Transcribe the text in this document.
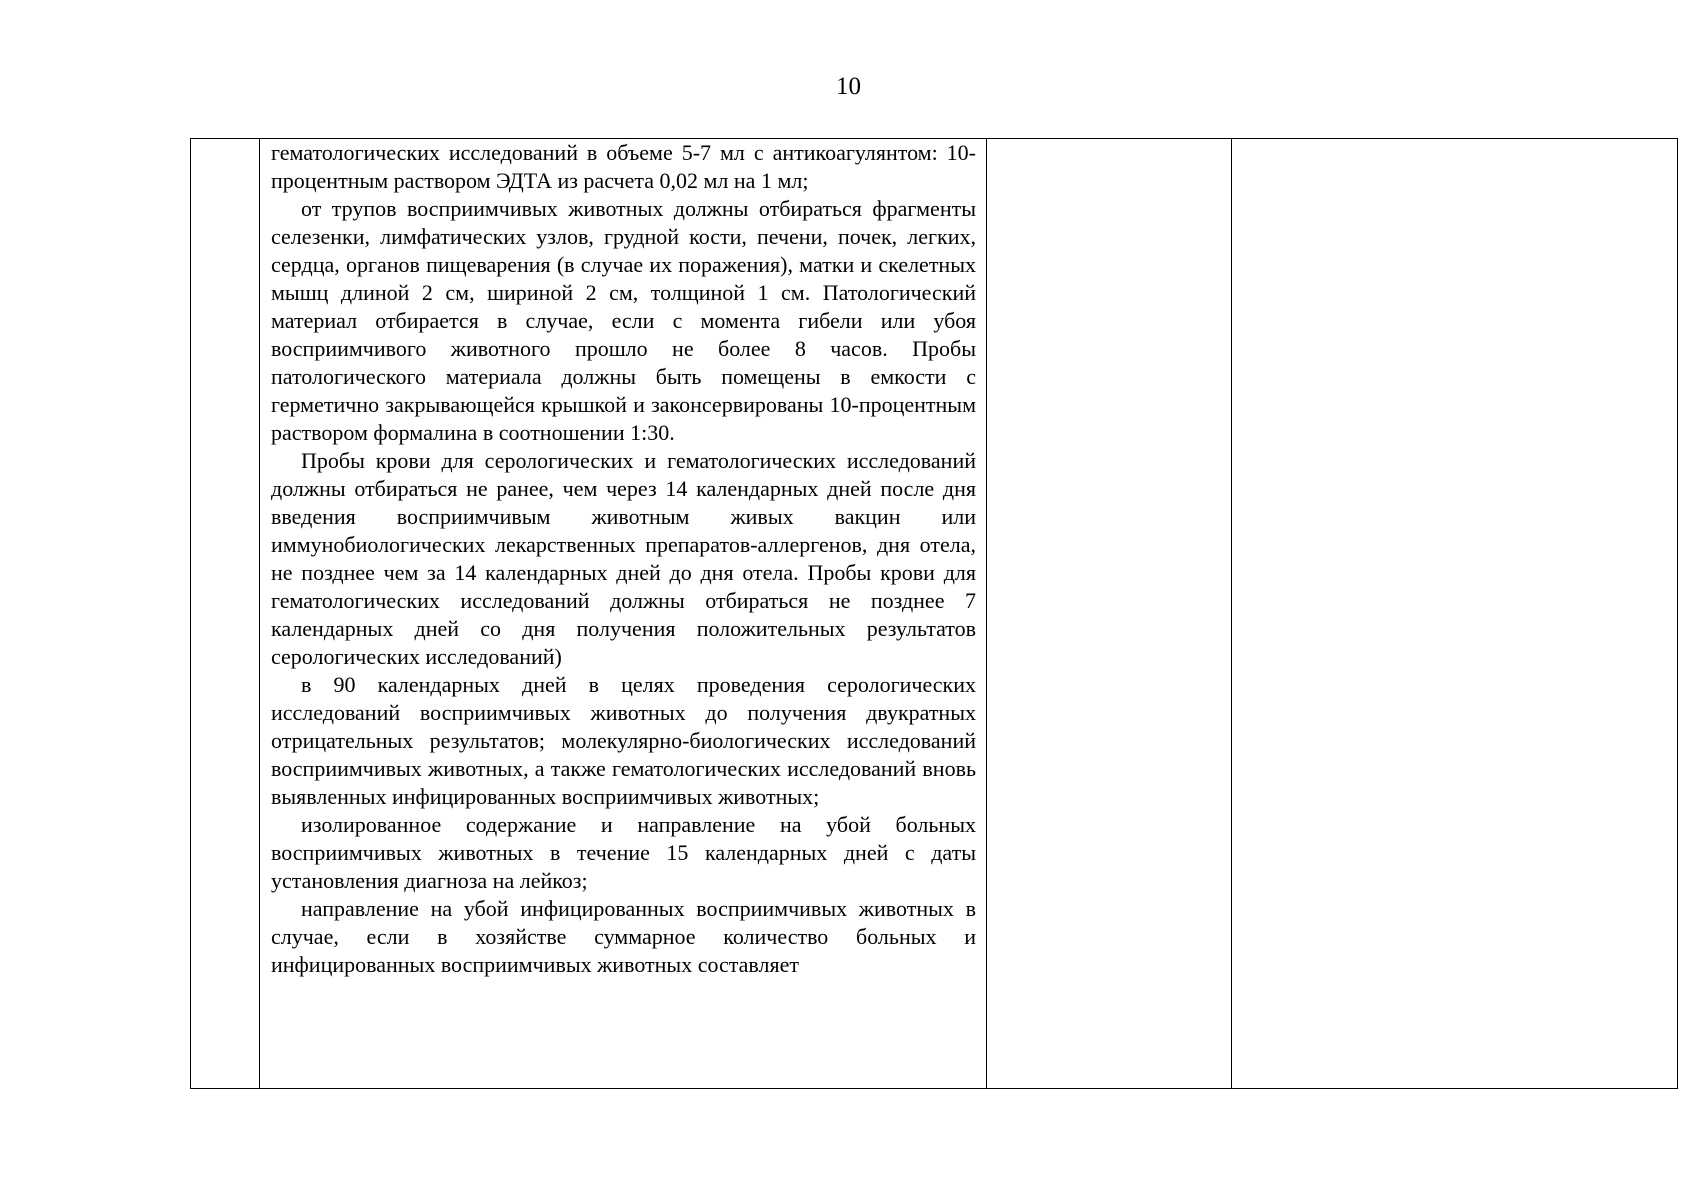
10

гематологических исследований в объеме 5-7 мл с антикоагулянтом: 10-процентным раствором ЭДТА из расчета 0,02 мл на 1 мл;

от трупов восприимчивых животных должны отбираться фрагменты селезенки, лимфатических узлов, грудной кости, печени, почек, легких, сердца, органов пищеварения (в случае их поражения), матки и скелетных мышц длиной 2 см, шириной 2 см, толщиной 1 см. Патологический материал отбирается в случае, если с момента гибели или убоя восприимчивого животного прошло не более 8 часов. Пробы патологического материала должны быть помещены в емкости с герметично закрывающейся крышкой и законсервированы 10-процентным раствором формалина в соотношении 1:30.

Пробы крови для серологических и гематологических исследований должны отбираться не ранее, чем через 14 календарных дней после дня введения восприимчивым животным живых вакцин или иммунобиологических лекарственных препаратов-аллергенов, дня отела, не позднее чем за 14 календарных дней до дня отела. Пробы крови для гематологических исследований должны отбираться не позднее 7 календарных дней со дня получения положительных результатов серологических исследований)

в 90 календарных дней в целях проведения серологических исследований восприимчивых животных до получения двукратных отрицательных результатов; молекулярно-биологических исследований восприимчивых животных, а также гематологических исследований вновь выявленных инфицированных восприимчивых животных;

изолированное содержание и направление на убой больных восприимчивых животных в течение 15 календарных дней с даты установления диагноза на лейкоз;

направление на убой инфицированных восприимчивых животных в случае, если в хозяйстве суммарное количество больных и инфицированных восприимчивых животных составляет
